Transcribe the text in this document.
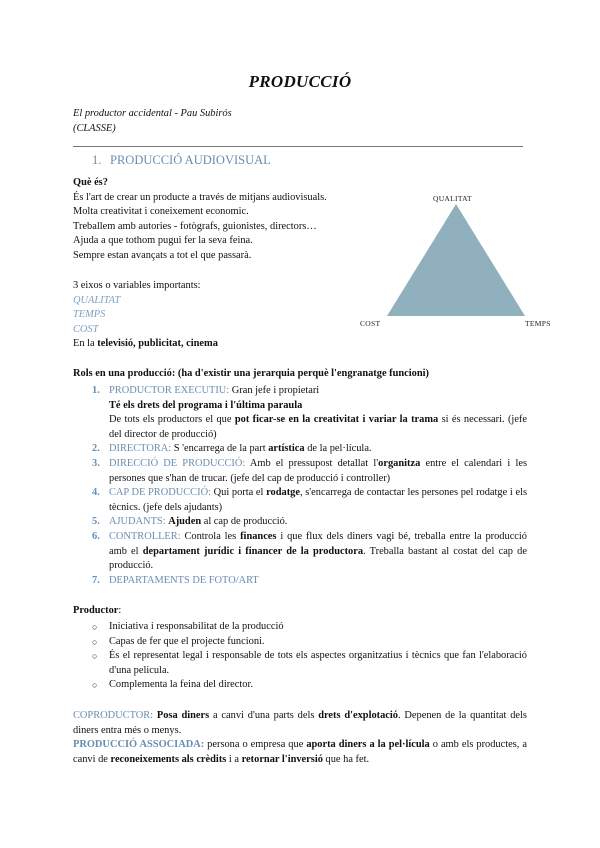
PRODUCCIÓ
El productor accidental - Pau Subirós
(CLASSE)
1. PRODUCCIÓ AUDIOVISUAL
Què és?
És l'art de crear un producte a través de mitjans audiovisuals.
Molta creativitat i coneixement economic.
Treballem amb autories - fotògrafs, guionistes, directors…
Ajuda a que tothom pugui fer la seva feina.
Sempre estan avançats a tot el que passarà.
3 eixos o variables importants:
QUALITAT
TEMPS
COST
En la televisió, publicitat, cinema
QUALITAT
COST	TEMPS
Rols en una producció: (ha d'existir una jerarquia perquè l'engranatge funcioni)
1. PRODUCTOR EXECUTIU: Gran jefe i propietari
Té els drets del programa i l'última paraula
De tots els productors el que pot ficar-se en la creativitat i variar la trama si és necessari. (jefe del director de producció)
2. DIRECTORA: S 'encarrega de la part artística de la pel·lícula.
3. DIRECCIÓ DE PRODUCCIÓ: Amb el pressupost detallat l'organitza entre el calendari i les persones que s'han de trucar. (jefe del cap de producció i controller)
4. CAP DE PRODUCCIÓ: Qui porta el rodatge, s'encarrega de contactar les persones pel rodatge i els tècnics. (jefe dels ajudants)
5. AJUDANTS: Ajuden al cap de producció.
6. CONTROLLER: Controla les finances i que flux dels diners vagi bé, treballa entre la producció amb el departament jurídic i financer de la productora. Treballa bastant al costat del cap de producció.
7. DEPARTAMENTS DE FOTO/ART
Productor:
○ Iniciativa i responsabilitat de la producció
○ Capas de fer que el projecte funcioni.
○ És el representat legal i responsable de tots els aspectes organitzatius i tècnics que fan l'elaboració d'una pelicula.
○ Complementa la feina del director.
COPRODUCTOR: Posa diners a canvi d'una parts dels drets d'explotació. Depenen de la quantitat dels diners entra més o menys.
PRODUCCIÓ ASSOCIADA: persona o empresa que aporta diners a la pel·lícula o amb els productes, a canvi de reconeixements als crèdits i a retornar l'inversió que ha fet.
